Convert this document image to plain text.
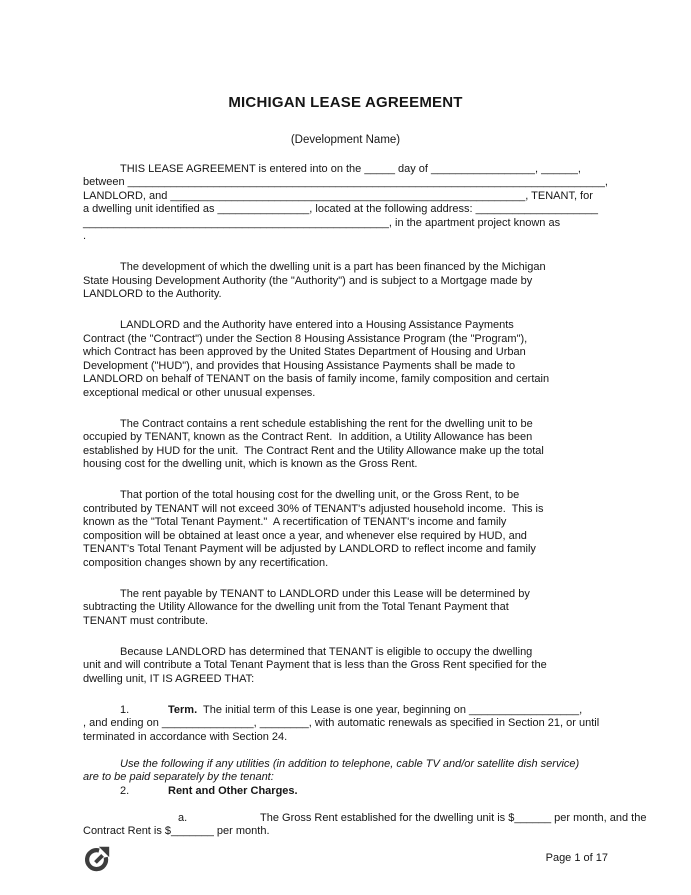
MICHIGAN LEASE AGREEMENT
(Development Name)
THIS LEASE AGREEMENT is entered into on the _____ day of _________________, ______,
between ______________________________________________________________________________,
LANDLORD, and __________________________________________________________, TENANT, for
a dwelling unit identified as _______________, located at the following address: ____________________
__________________________________________________, in the apartment project known as
.
The development of which the dwelling unit is a part has been financed by the Michigan
State Housing Development Authority (the "Authority") and is subject to a Mortgage made by
LANDLORD to the Authority.
LANDLORD and the Authority have entered into a Housing Assistance Payments
Contract (the "Contract") under the Section 8 Housing Assistance Program (the "Program"),
which Contract has been approved by the United States Department of Housing and Urban
Development ("HUD"), and provides that Housing Assistance Payments shall be made to
LANDLORD on behalf of TENANT on the basis of family income, family composition and certain
exceptional medical or other unusual expenses.
The Contract contains a rent schedule establishing the rent for the dwelling unit to be
occupied by TENANT, known as the Contract Rent.  In addition, a Utility Allowance has been
established by HUD for the unit.  The Contract Rent and the Utility Allowance make up the total
housing cost for the dwelling unit, which is known as the Gross Rent.
That portion of the total housing cost for the dwelling unit, or the Gross Rent, to be
contributed by TENANT will not exceed 30% of TENANT's adjusted household income.  This is
known as the "Total Tenant Payment."  A recertification of TENANT's income and family
composition will be obtained at least once a year, and whenever else required by HUD, and
TENANT's Total Tenant Payment will be adjusted by LANDLORD to reflect income and family
composition changes shown by any recertification.
The rent payable by TENANT to LANDLORD under this Lease will be determined by
subtracting the Utility Allowance for the dwelling unit from the Total Tenant Payment that
TENANT must contribute.
Because LANDLORD has determined that TENANT is eligible to occupy the dwelling
unit and will contribute a Total Tenant Payment that is less than the Gross Rent specified for the
dwelling unit, IT IS AGREED THAT:
1.	Term.  The initial term of this Lease is one year, beginning on __________________,
, and ending on _______________, ________, with automatic renewals as specified in Section 21, or until
terminated in accordance with Section 24.
Use the following if any utilities (in addition to telephone, cable TV and/or satellite dish service)
are to be paid separately by the tenant:
2.	Rent and Other Charges.
a.	The Gross Rent established for the dwelling unit is $______ per month, and the
Contract Rent is $_______ per month.
Page 1 of 17
